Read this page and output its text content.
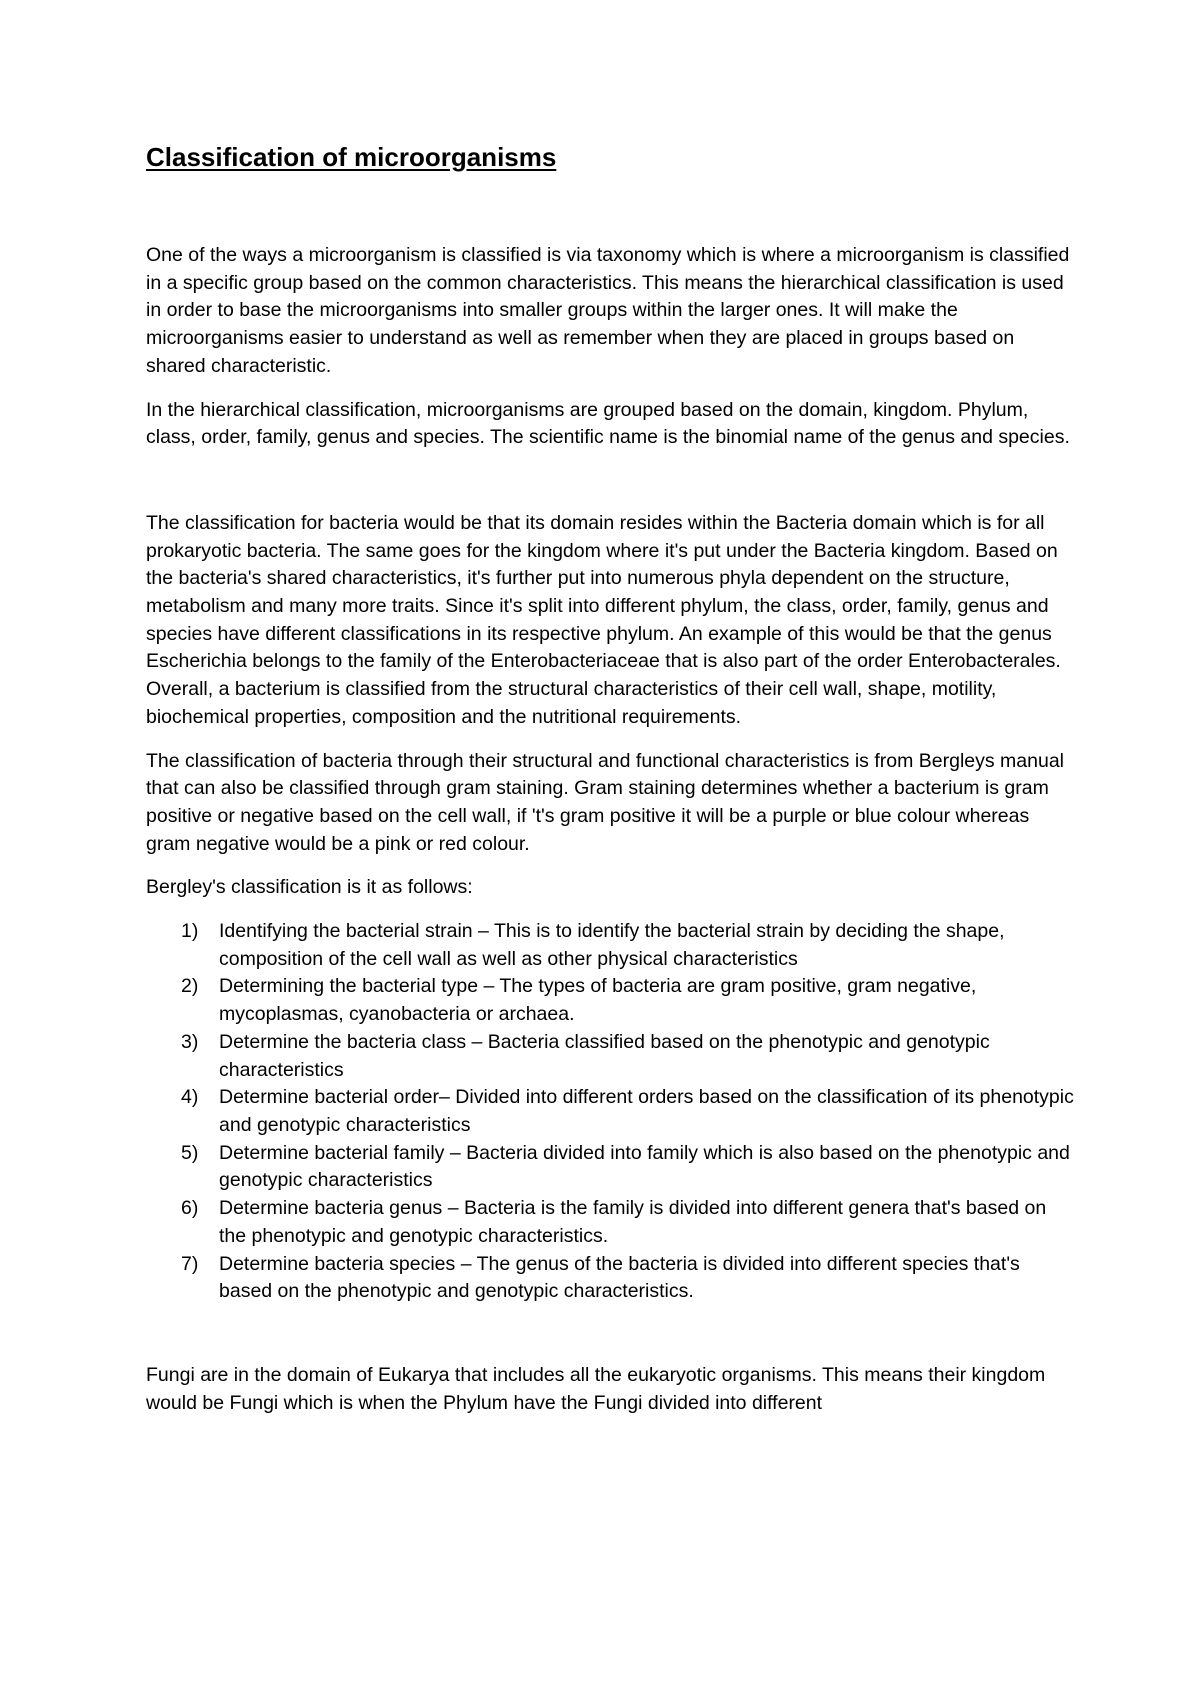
Classification of microorganisms

One of the ways a microorganism is classified is via taxonomy which is where a microorganism is classified in a specific group based on the common characteristics. This means the hierarchical classification is used in order to base the microorganisms into smaller groups within the larger ones. It will make the microorganisms easier to understand as well as remember when they are placed in groups based on shared characteristic.

In the hierarchical classification, microorganisms are grouped based on the domain, kingdom. Phylum, class, order, family, genus and species. The scientific name is the binomial name of the genus and species.

The classification for bacteria would be that its domain resides within the Bacteria domain which is for all prokaryotic bacteria. The same goes for the kingdom where it's put under the Bacteria kingdom. Based on the bacteria's shared characteristics, it's further put into numerous phyla dependent on the structure, metabolism and many more traits. Since it's split into different phylum, the class, order, family, genus and species have different classifications in its respective phylum. An example of this would be that the genus Escherichia belongs to the family of the Enterobacteriaceae that is also part of the order Enterobacterales. Overall, a bacterium is classified from the structural characteristics of their cell wall, shape, motility, biochemical properties, composition and the nutritional requirements.

The classification of bacteria through their structural and functional characteristics is from Bergleys manual that can also be classified through gram staining. Gram staining determines whether a bacterium is gram positive or negative based on the cell wall, if 't's gram positive it will be a purple or blue colour whereas gram negative would be a pink or red colour.

Bergley's classification is it as follows:

1) Identifying the bacterial strain – This is to identify the bacterial strain by deciding the shape, composition of the cell wall as well as other physical characteristics
2) Determining the bacterial type – The types of bacteria are gram positive, gram negative, mycoplasmas, cyanobacteria or archaea.
3) Determine the bacteria class – Bacteria classified based on the phenotypic and genotypic characteristics
4) Determine bacterial order– Divided into different orders based on the classification of its phenotypic and genotypic characteristics
5) Determine bacterial family – Bacteria divided into family which is also based on the phenotypic and genotypic characteristics
6) Determine bacteria genus – Bacteria is the family is divided into different genera that's based on the phenotypic and genotypic characteristics.
7) Determine bacteria species – The genus of the bacteria is divided into different species that's based on the phenotypic and genotypic characteristics.

Fungi are in the domain of Eukarya that includes all the eukaryotic organisms. This means their kingdom would be Fungi which is when the Phylum have the Fungi divided into different
